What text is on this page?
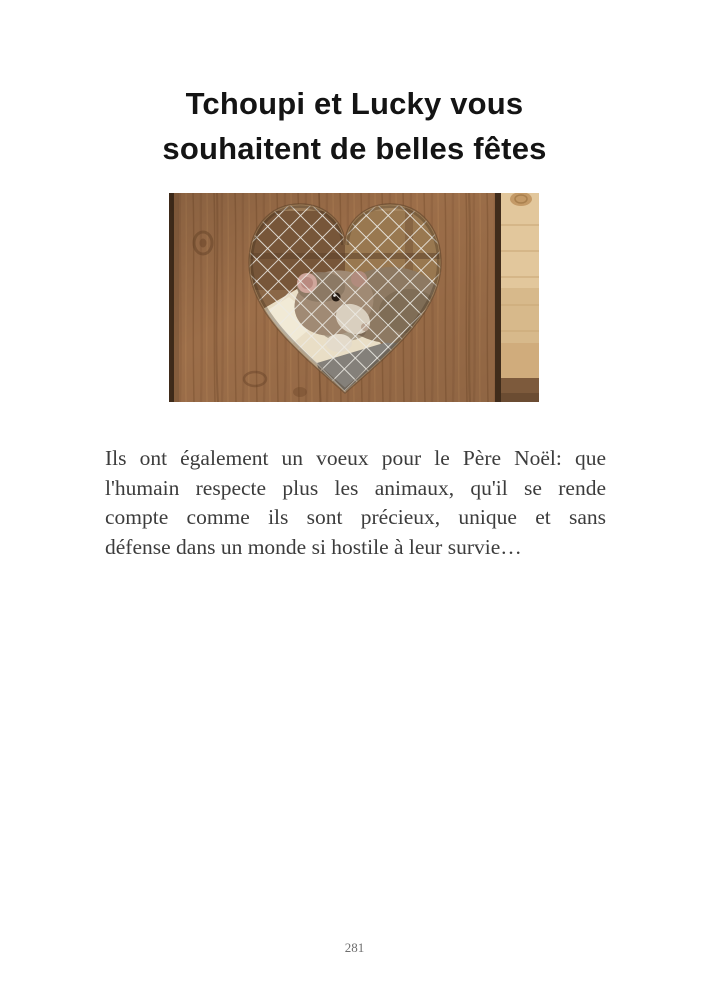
Tchoupi et Lucky vous
souhaitent de belles fêtes
Ils ont également un voeux pour le Père Noël: que
l'humain respecte plus les animaux, qu'il se rende
compte comme ils sont précieux, unique et sans
défense dans un monde si hostile à leur survie…
281
